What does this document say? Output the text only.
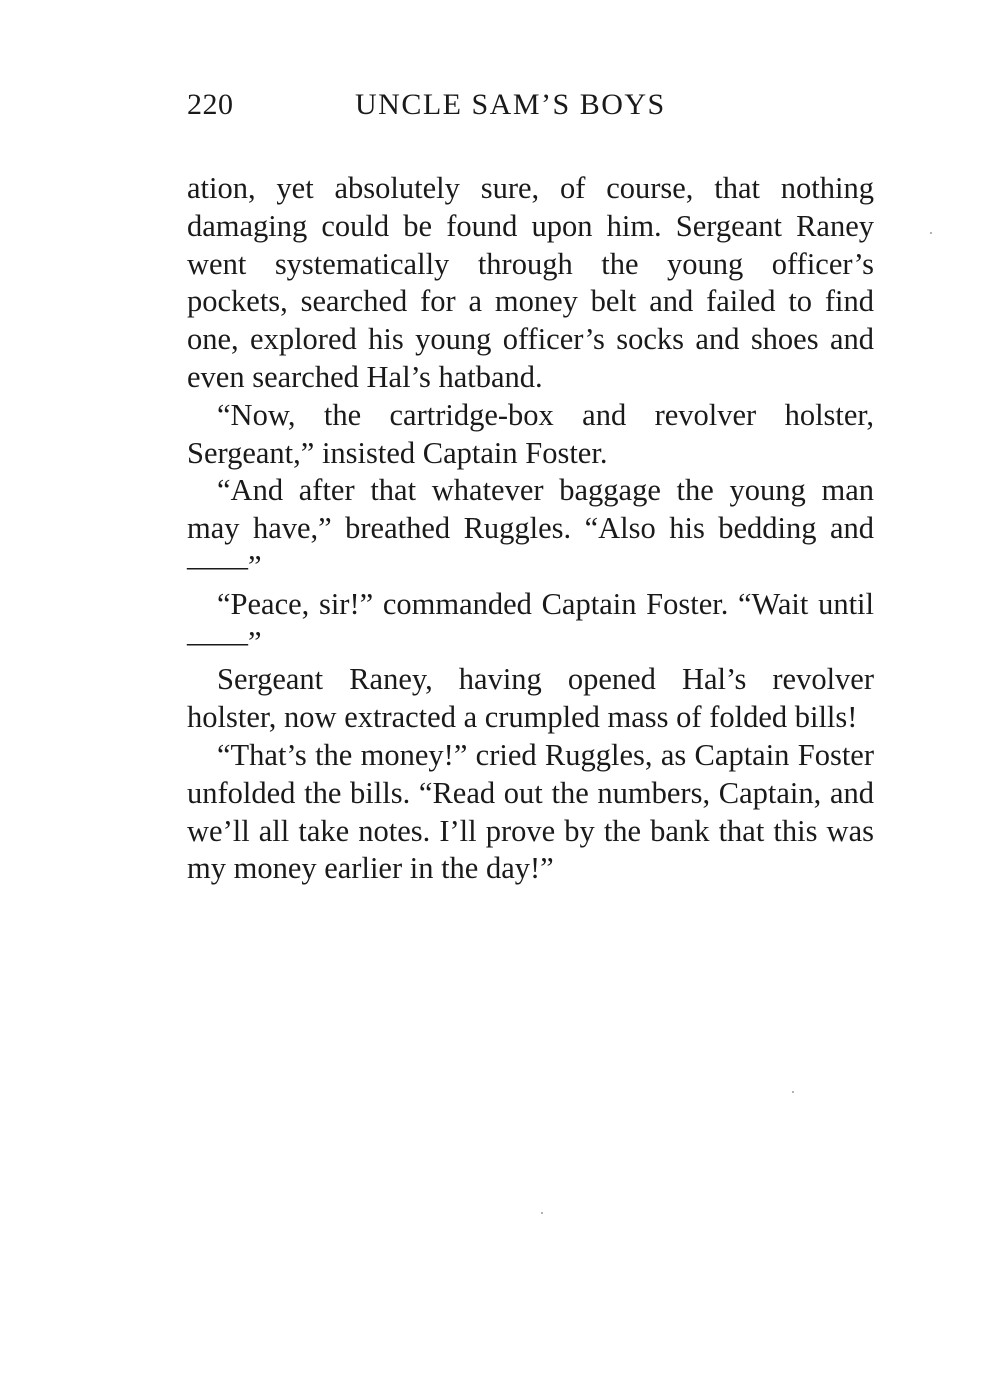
220	UNCLE SAM’S BOYS

ation, yet absolutely sure, of course, that nothing damaging could be found upon him. Sergeant Raney went systematically through the young officer’s pockets, searched for a money belt and failed to find one, explored his young officer’s socks and shoes and even searched Hal’s hatband.

“Now, the cartridge-box and revolver holster, Sergeant,” insisted Captain Foster.

“And after that whatever baggage the young man may have,” breathed Ruggles. “Also his bedding and——”

“Peace, sir!” commanded Captain Foster. “Wait until——”

Sergeant Raney, having opened Hal’s revolver holster, now extracted a crumpled mass of folded bills!

“That’s the money!” cried Ruggles, as Captain Foster unfolded the bills. “Read out the numbers, Captain, and we’ll all take notes. I’ll prove by the bank that this was my money earlier in the day!”
